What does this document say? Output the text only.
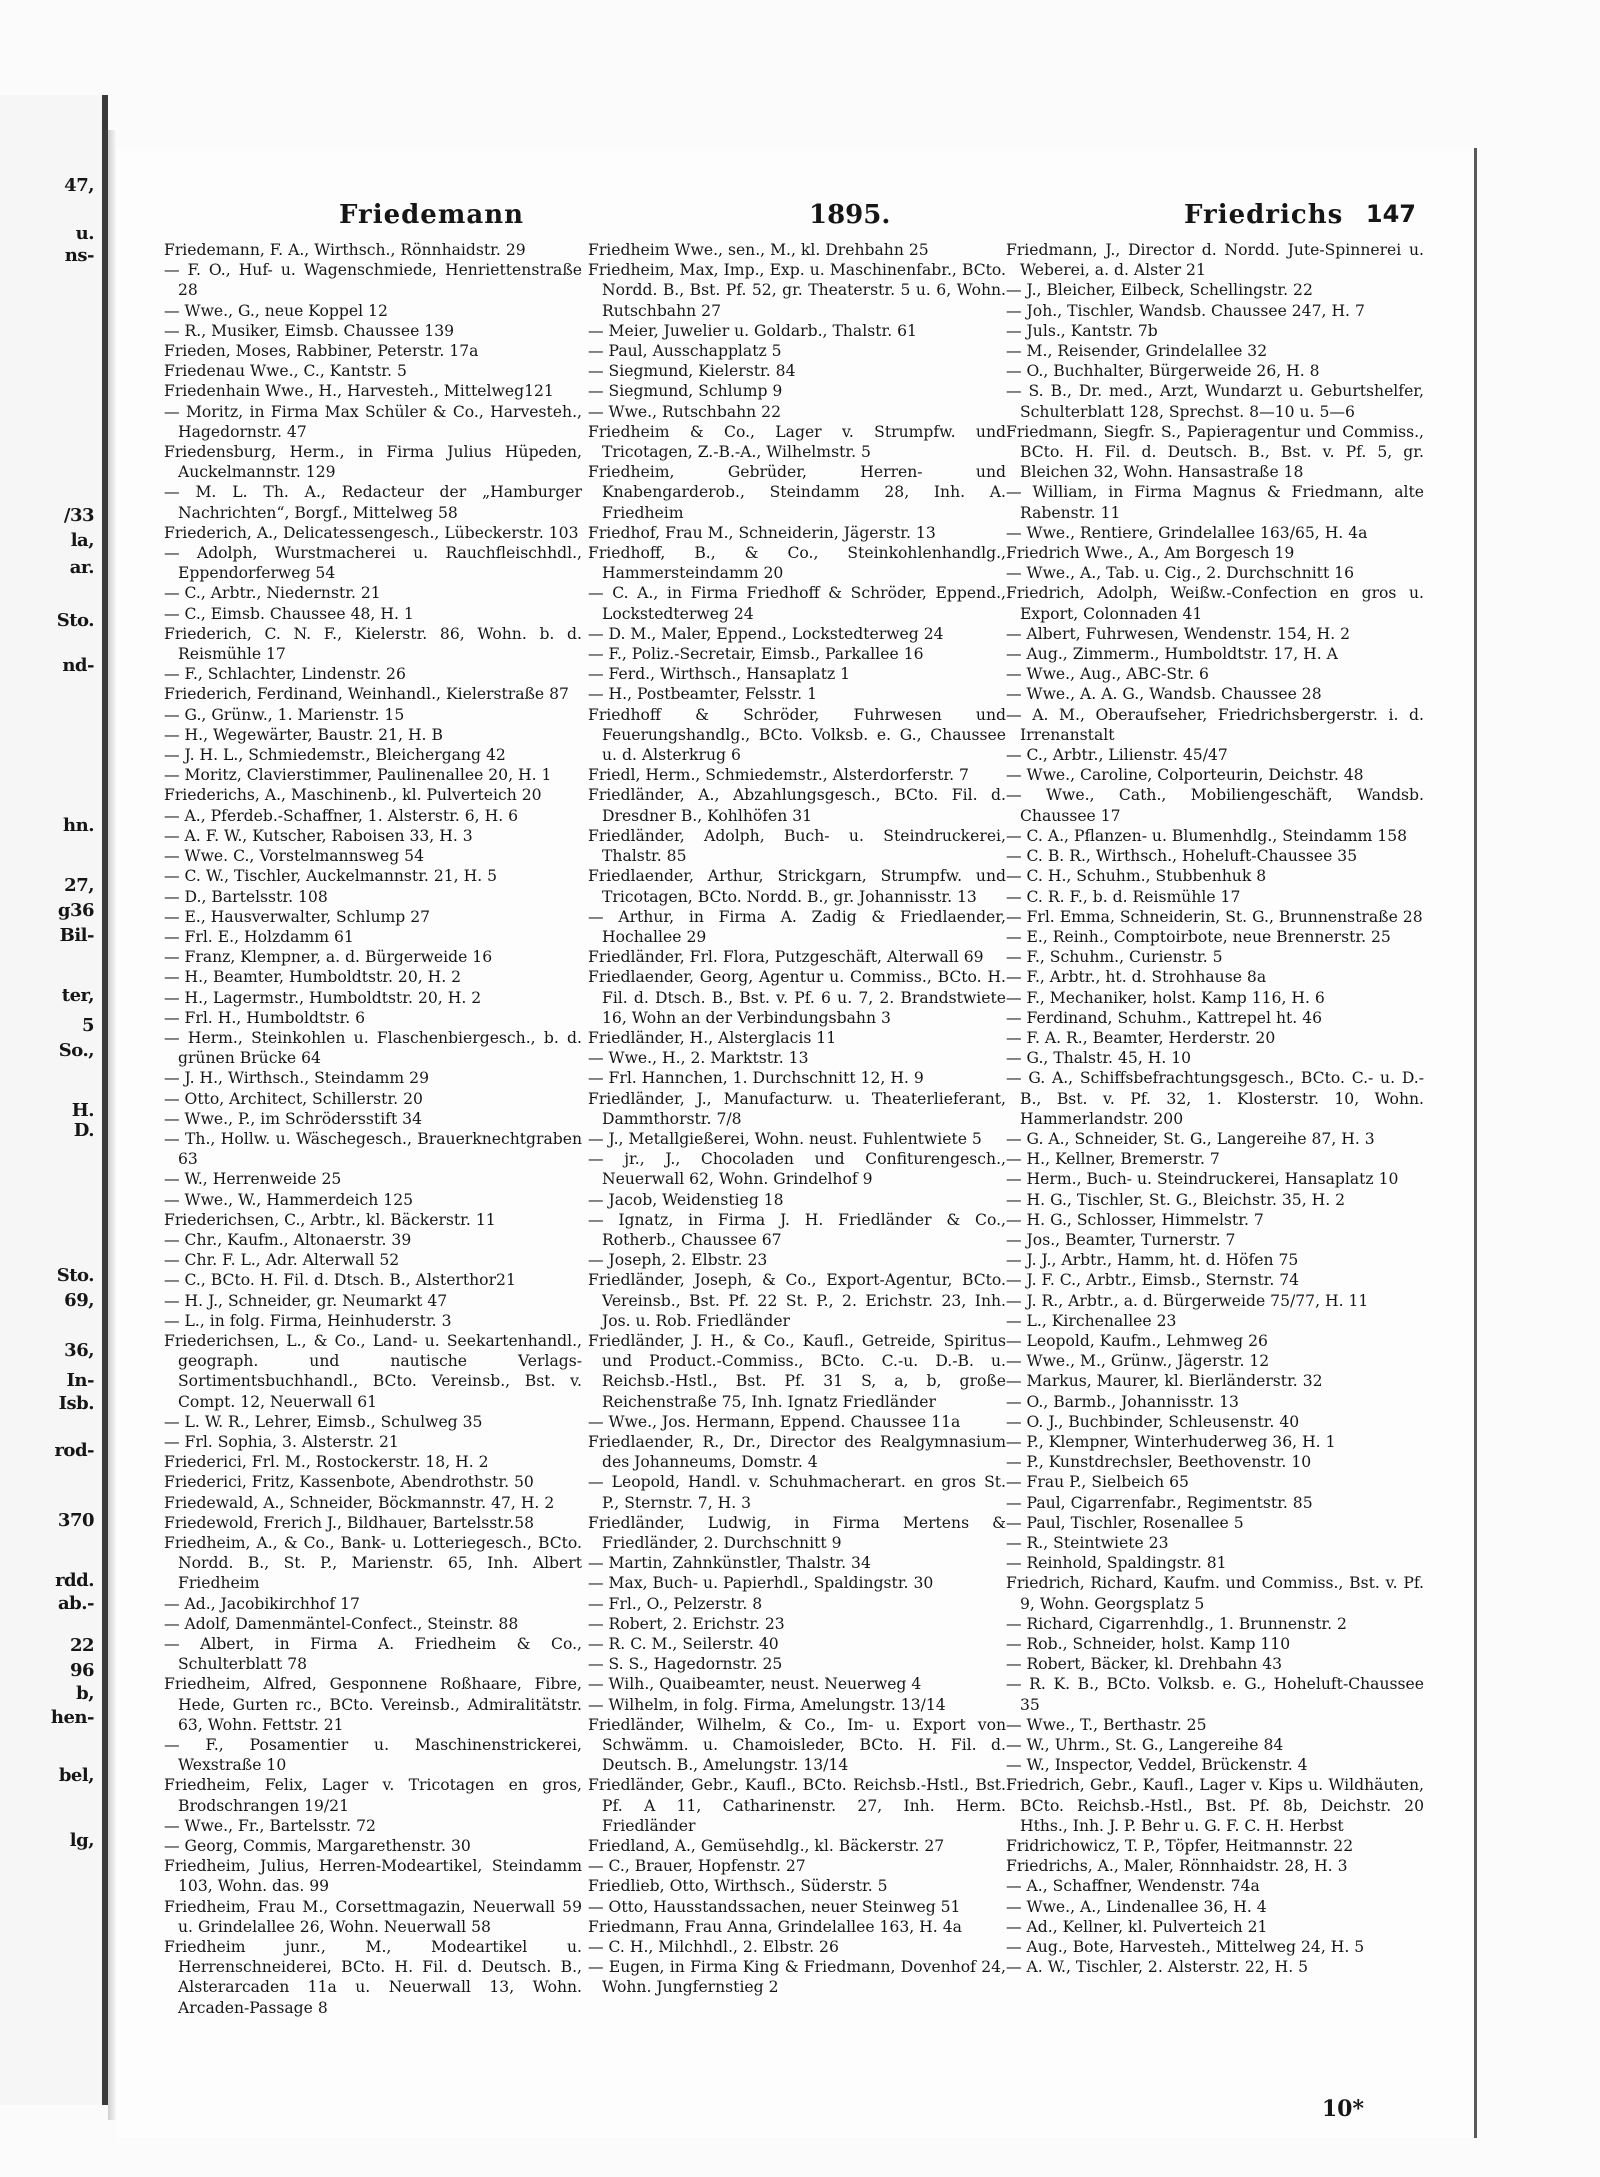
47,
u.
ns-
/33
la,
ar.
Sto.
nd-
hn.
27,
g36
Bil-
ter,
5
So.,
H.
D.
Sto.
69,
36,
In-
Isb.
rod-
370
rdd.
ab.-
22
96
b,
hen-
bel,
lg,
Friedemann	1895.	Friedrichs 147

Friedemann, F. A., Wirthsch., Rönnhaidstr. 29

— F. O., Huf- u. Wagenschmiede, Henriettenstraße 28

— Wwe., G., neue Koppel 12

— R., Musiker, Eimsb. Chaussee 139

Frieden, Moses, Rabbiner, Peterstr. 17a

Friedenau Wwe., C., Kantstr. 5

Friedenhain Wwe., H., Harvesteh., Mittelweg121

— Moritz, in Firma Max Schüler & Co., Harvesteh., Hagedornstr. 47

Friedensburg, Herm., in Firma Julius Hüpeden, Auckelmannstr. 129

— M. L. Th. A., Redacteur der „Hamburger Nachrichten“, Borgf., Mittelweg 58

Friederich, A., Delicatessengesch., Lübeckerstr. 103

— Adolph, Wurstmacherei u. Rauchfleischhdl., Eppendorferweg 54

— C., Arbtr., Niedernstr. 21

— C., Eimsb. Chaussee 48, H. 1

Friederich, C. N. F., Kielerstr. 86, Wohn. b. d. Reismühle 17

— F., Schlachter, Lindenstr. 26

Friederich, Ferdinand, Weinhandl., Kielerstraße 87

— G., Grünw., 1. Marienstr. 15

— H., Wegewärter, Baustr. 21, H. B

— J. H. L., Schmiedemstr., Bleichergang 42

— Moritz, Clavierstimmer, Paulinenallee 20, H. 1

Friederichs, A., Maschinenb., kl. Pulverteich 20

— A., Pferdeb.-Schaffner, 1. Alsterstr. 6, H. 6

— A. F. W., Kutscher, Raboisen 33, H. 3

— Wwe. C., Vorstelmannsweg 54

— C. W., Tischler, Auckelmannstr. 21, H. 5

— D., Bartelsstr. 108

— E., Hausverwalter, Schlump 27

— Frl. E., Holzdamm 61

— Franz, Klempner, a. d. Bürgerweide 16

— H., Beamter, Humboldtstr. 20, H. 2

— H., Lagermstr., Humboldtstr. 20, H. 2

— Frl. H., Humboldtstr. 6

— Herm., Steinkohlen u. Flaschenbiergesch., b. d. grünen Brücke 64

— J. H., Wirthsch., Steindamm 29

— Otto, Architect, Schillerstr. 20

— Wwe., P., im Schrödersstift 34

— Th., Hollw. u. Wäschegesch., Brauerknechtgraben 63

— W., Herrenweide 25

— Wwe., W., Hammerdeich 125

Friederichsen, C., Arbtr., kl. Bäckerstr. 11

— Chr., Kaufm., Altonaerstr. 39

— Chr. F. L., Adr. Alterwall 52

— C., BCto. H. Fil. d. Dtsch. B., Alsterthor21

— H. J., Schneider, gr. Neumarkt 47

— L., in folg. Firma, Heinhuderstr. 3

Friederichsen, L., & Co., Land- u. Seekartenhandl., geograph. und nautische Verlags-Sortimentsbuchhandl., BCto. Vereinsb., Bst. v. Compt. 12, Neuerwall 61

— L. W. R., Lehrer, Eimsb., Schulweg 35

— Frl. Sophia, 3. Alsterstr. 21

Friederici, Frl. M., Rostockerstr. 18, H. 2

Friederici, Fritz, Kassenbote, Abendrothstr. 50

Friedewald, A., Schneider, Böckmannstr. 47, H. 2

Friedewold, Frerich J., Bildhauer, Bartelsstr.58

Friedheim, A., & Co., Bank- u. Lotteriegesch., BCto. Nordd. B., St. P., Marienstr. 65, Inh. Albert Friedheim

— Ad., Jacobikirchhof 17

— Adolf, Damenmäntel-Confect., Steinstr. 88

— Albert, in Firma A. Friedheim & Co., Schulterblatt 78

Friedheim, Alfred, Gesponnene Roßhaare, Fibre, Hede, Gurten rc., BCto. Vereinsb., Admiralitätstr. 63, Wohn. Fettstr. 21

— F., Posamentier u. Maschinenstrickerei, Wexstraße 10

Friedheim, Felix, Lager v. Tricotagen en gros, Brodschrangen 19/21

— Wwe., Fr., Bartelsstr. 72

— Georg, Commis, Margarethenstr. 30

Friedheim, Julius, Herren-Modeartikel, Steindamm 103, Wohn. das. 99

Friedheim, Frau M., Corsettmagazin, Neuerwall 59 u. Grindelallee 26, Wohn. Neuerwall 58

Friedheim junr., M., Modeartikel u. Herrenschneiderei, BCto. H. Fil. d. Deutsch. B., Alsterarcaden 11a u. Neuerwall 13, Wohn. Arcaden-Passage 8

Friedheim Wwe., sen., M., kl. Drehbahn 25

Friedheim, Max, Imp., Exp. u. Maschinenfabr., BCto. Nordd. B., Bst. Pf. 52, gr. Theaterstr. 5 u. 6, Wohn. Rutschbahn 27

— Meier, Juwelier u. Goldarb., Thalstr. 61

— Paul, Ausschapplatz 5

— Siegmund, Kielerstr. 84

— Siegmund, Schlump 9

— Wwe., Rutschbahn 22

Friedheim & Co., Lager v. Strumpfw. und Tricotagen, Z.-B.-A., Wilhelmstr. 5

Friedheim, Gebrüder, Herren- und Knabengarderob., Steindamm 28, Inh. A. Friedheim

Friedhof, Frau M., Schneiderin, Jägerstr. 13

Friedhoff, B., & Co., Steinkohlenhandlg., Hammersteindamm 20

— C. A., in Firma Friedhoff & Schröder, Eppend., Lockstedterweg 24

— D. M., Maler, Eppend., Lockstedterweg 24

— F., Poliz.-Secretair, Eimsb., Parkallee 16

— Ferd., Wirthsch., Hansaplatz 1

— H., Postbeamter, Felsstr. 1

Friedhoff & Schröder, Fuhrwesen und Feuerungshandlg., BCto. Volksb. e. G., Chaussee u. d. Alsterkrug 6

Friedl, Herm., Schmiedemstr., Alsterdorferstr. 7

Friedländer, A., Abzahlungsgesch., BCto. Fil. d. Dresdner B., Kohlhöfen 31

Friedländer, Adolph, Buch- u. Steindruckerei, Thalstr. 85

Friedlaender, Arthur, Strickgarn, Strumpfw. und Tricotagen, BCto. Nordd. B., gr. Johannisstr. 13

— Arthur, in Firma A. Zadig & Friedlaender, Hochallee 29

Friedländer, Frl. Flora, Putzgeschäft, Alterwall 69

Friedlaender, Georg, Agentur u. Commiss., BCto. H. Fil. d. Dtsch. B., Bst. v. Pf. 6 u. 7, 2. Brandstwiete 16, Wohn an der Verbindungsbahn 3

Friedländer, H., Alsterglacis 11

— Wwe., H., 2. Marktstr. 13

— Frl. Hannchen, 1. Durchschnitt 12, H. 9

Friedländer, J., Manufacturw. u. Theaterlieferant, Dammthorstr. 7/8

— J., Metallgießerei, Wohn. neust. Fuhlentwiete 5

— jr., J., Chocoladen und Confiturengesch., Neuerwall 62, Wohn. Grindelhof 9

— Jacob, Weidenstieg 18

— Ignatz, in Firma J. H. Friedländer & Co., Rotherb., Chaussee 67

— Joseph, 2. Elbstr. 23

Friedländer, Joseph, & Co., Export-Agentur, BCto. Vereinsb., Bst. Pf. 22 St. P., 2. Erichstr. 23, Inh. Jos. u. Rob. Friedländer

Friedländer, J. H., & Co., Kaufl., Getreide, Spiritus und Product.-Commiss., BCto. C.-u. D.-B. u. Reichsb.-Hstl., Bst. Pf. 31 S, a, b, große Reichenstraße 75, Inh. Ignatz Friedländer

— Wwe., Jos. Hermann, Eppend. Chaussee 11a

Friedlaender, R., Dr., Director des Realgymnasium des Johanneums, Domstr. 4

— Leopold, Handl. v. Schuhmacherart. en gros St. P., Sternstr. 7, H. 3

Friedländer, Ludwig, in Firma Mertens & Friedländer, 2. Durchschnitt 9

— Martin, Zahnkünstler, Thalstr. 34

— Max, Buch- u. Papierhdl., Spaldingstr. 30

— Frl., O., Pelzerstr. 8

— Robert, 2. Erichstr. 23

— R. C. M., Seilerstr. 40

— S. S., Hagedornstr. 25

— Wilh., Quaibeamter, neust. Neuerweg 4

— Wilhelm, in folg. Firma, Amelungstr. 13/14

Friedländer, Wilhelm, & Co., Im- u. Export von Schwämm. u. Chamoisleder, BCto. H. Fil. d. Deutsch. B., Amelungstr. 13/14

Friedländer, Gebr., Kaufl., BCto. Reichsb.-Hstl., Bst. Pf. A 11, Catharinenstr. 27, Inh. Herm. Friedländer

Friedland, A., Gemüsehdlg., kl. Bäckerstr. 27

— C., Brauer, Hopfenstr. 27

Friedlieb, Otto, Wirthsch., Süderstr. 5

— Otto, Hausstandssachen, neuer Steinweg 51

Friedmann, Frau Anna, Grindelallee 163, H. 4a

— C. H., Milchhdl., 2. Elbstr. 26

— Eugen, in Firma King & Friedmann, Dovenhof 24, Wohn. Jungfernstieg 2

Friedmann, J., Director d. Nordd. Jute-Spinnerei u. Weberei, a. d. Alster 21

— J., Bleicher, Eilbeck, Schellingstr. 22

— Joh., Tischler, Wandsb. Chaussee 247, H. 7

— Juls., Kantstr. 7b

— M., Reisender, Grindelallee 32

— O., Buchhalter, Bürgerweide 26, H. 8

— S. B., Dr. med., Arzt, Wundarzt u. Geburtshelfer, Schulterblatt 128, Sprechst. 8—10 u. 5—6

Friedmann, Siegfr. S., Papieragentur und Commiss., BCto. H. Fil. d. Deutsch. B., Bst. v. Pf. 5, gr. Bleichen 32, Wohn. Hansastraße 18

— William, in Firma Magnus & Friedmann, alte Rabenstr. 11

— Wwe., Rentiere, Grindelallee 163/65, H. 4a

Friedrich Wwe., A., Am Borgesch 19

— Wwe., A., Tab. u. Cig., 2. Durchschnitt 16

Friedrich, Adolph, Weißw.-Confection en gros u. Export, Colonnaden 41

— Albert, Fuhrwesen, Wendenstr. 154, H. 2

— Aug., Zimmerm., Humboldtstr. 17, H. A

— Wwe., Aug., ABC-Str. 6

— Wwe., A. A. G., Wandsb. Chaussee 28

— A. M., Oberaufseher, Friedrichsbergerstr. i. d. Irrenanstalt

— C., Arbtr., Lilienstr. 45/47

— Wwe., Caroline, Colporteurin, Deichstr. 48

— Wwe., Cath., Mobiliengeschäft, Wandsb. Chaussee 17

— C. A., Pflanzen- u. Blumenhdlg., Steindamm 158

— C. B. R., Wirthsch., Hoheluft-Chaussee 35

— C. H., Schuhm., Stubbenhuk 8

— C. R. F., b. d. Reismühle 17

— Frl. Emma, Schneiderin, St. G., Brunnenstraße 28

— E., Reinh., Comptoirbote, neue Brennerstr. 25

— F., Schuhm., Curienstr. 5

— F., Arbtr., ht. d. Strohhause 8a

— F., Mechaniker, holst. Kamp 116, H. 6

— Ferdinand, Schuhm., Kattrepel ht. 46

— F. A. R., Beamter, Herderstr. 20

— G., Thalstr. 45, H. 10

— G. A., Schiffsbefrachtungsgesch., BCto. C.- u. D.-B., Bst. v. Pf. 32, 1. Klosterstr. 10, Wohn. Hammerlandstr. 200

— G. A., Schneider, St. G., Langereihe 87, H. 3

— H., Kellner, Bremerstr. 7

— Herm., Buch- u. Steindruckerei, Hansaplatz 10

— H. G., Tischler, St. G., Bleichstr. 35, H. 2

— H. G., Schlosser, Himmelstr. 7

— Jos., Beamter, Turnerstr. 7

— J. J., Arbtr., Hamm, ht. d. Höfen 75

— J. F. C., Arbtr., Eimsb., Sternstr. 74

— J. R., Arbtr., a. d. Bürgerweide 75/77, H. 11

— L., Kirchenallee 23

— Leopold, Kaufm., Lehmweg 26

— Wwe., M., Grünw., Jägerstr. 12

— Markus, Maurer, kl. Bierländerstr. 32

— O., Barmb., Johannisstr. 13

— O. J., Buchbinder, Schleusenstr. 40

— P., Klempner, Winterhuderweg 36, H. 1

— P., Kunstdrechsler, Beethovenstr. 10

— Frau P., Sielbeich 65

— Paul, Cigarrenfabr., Regimentstr. 85

— Paul, Tischler, Rosenallee 5

— R., Steintwiete 23

— Reinhold, Spaldingstr. 81

Friedrich, Richard, Kaufm. und Commiss., Bst. v. Pf. 9, Wohn. Georgsplatz 5

— Richard, Cigarrenhdlg., 1. Brunnenstr. 2

— Rob., Schneider, holst. Kamp 110

— Robert, Bäcker, kl. Drehbahn 43

— R. K. B., BCto. Volksb. e. G., Hoheluft-Chaussee 35

— Wwe., T., Berthastr. 25

— W., Uhrm., St. G., Langereihe 84

— W., Inspector, Veddel, Brückenstr. 4

Friedrich, Gebr., Kaufl., Lager v. Kips u. Wildhäuten, BCto. Reichsb.-Hstl., Bst. Pf. 8b, Deichstr. 20 Hths., Inh. J. P. Behr u. G. F. C. H. Herbst

Fridrichowicz, T. P., Töpfer, Heitmannstr. 22

Friedrichs, A., Maler, Rönnhaidstr. 28, H. 3

— A., Schaffner, Wendenstr. 74a

— Wwe., A., Lindenallee 36, H. 4

— Ad., Kellner, kl. Pulverteich 21

— Aug., Bote, Harvesteh., Mittelweg 24, H. 5

— A. W., Tischler, 2. Alsterstr. 22, H. 5

10*
